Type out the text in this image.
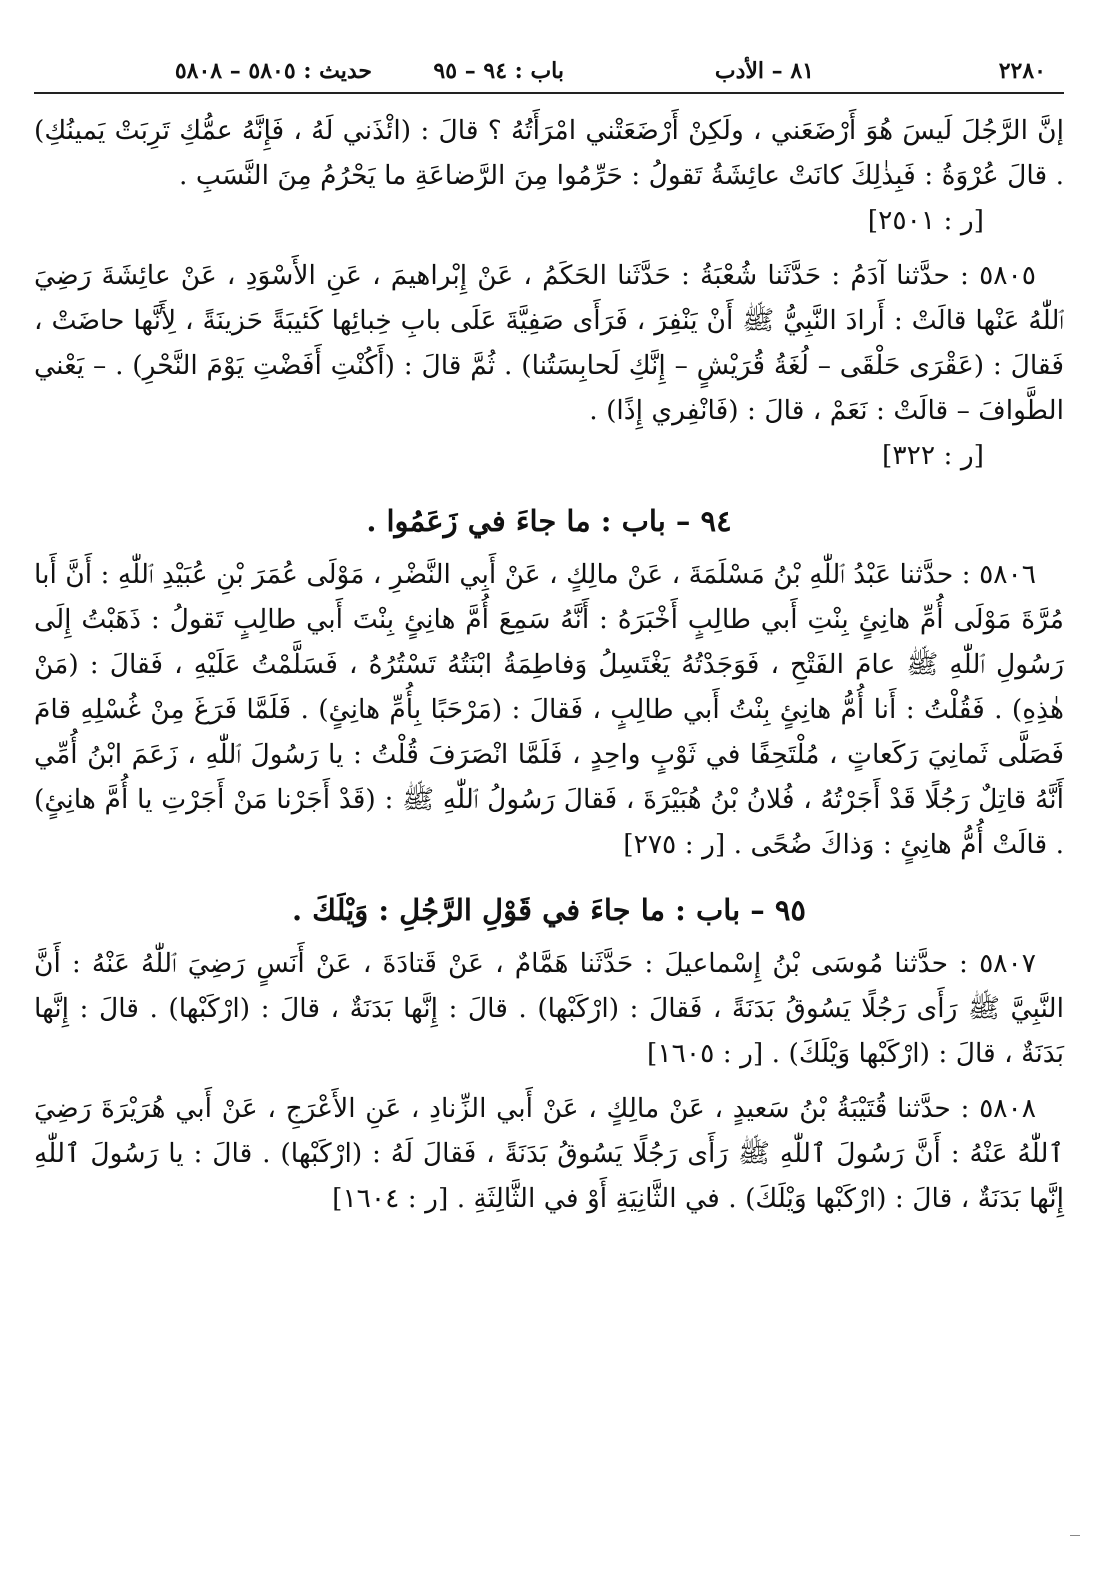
٢٢٨٠
٨١ – الأدب
باب : ٩٤ – ٩٥
حديث : ٥٨٠٥ – ٥٨٠٨

إنَّ الرَّجُلَ لَيسَ هُوَ أَرْضَعَني ، ولَكِنْ أَرْضَعَتْني امْرَأَتُهُ ؟ قالَ : (ائْذَني لَهُ ، فَإِنَّهُ عمُّكِ تَرِبَتْ يَمينُكِ) . قالَ عُرْوَةُ : فَبِذٰلِكَ كانَتْ عائِشَةُ تَقولُ : حَرِّمُوا مِنَ الرَّضاعَةِ ما يَحْرُمُ مِنَ النَّسَبِ .

[ر : ٢٥٠١]

٥٨٠٥ : حدَّثنا آدَمُ : حَدَّثَنا شُعْبَةُ : حَدَّثَنا الحَكَمُ ، عَنْ إِبْراهيمَ ، عَنِ الأَسْوَدِ ، عَنْ عائِشَةَ رَضِيَ ٱللّٰهُ عَنْها قالَتْ : أَرادَ النَّبِيُّ ﷺ أَنْ يَنْفِرَ ، فَرَأَى صَفِيَّةَ عَلَى بابِ خِبائِها كَئيبَةً حَزينَةً ، لِأَنَّها حاضَتْ ، فَقالَ : (عَقْرَى حَلْقَى – لُغَةُ قُرَيْشٍ – إِنَّكِ لَحابِسَتُنا) . ثُمَّ قالَ : (أَكُنْتِ أَفَضْتِ يَوْمَ النَّحْرِ) . – يَعْني الطَّوافَ – قالَتْ : نَعَمْ ، قالَ : (فَانْفِري إِذًا) .

[ر : ٣٢٢]

٩٤ – باب : ما جاءَ في زَعَمُوا .

٥٨٠٦ : حدَّثنا عَبْدُ ٱللّٰهِ بْنُ مَسْلَمَةَ ، عَنْ مالِكٍ ، عَنْ أَبِي النَّضْرِ ، مَوْلَى عُمَرَ بْنِ عُبَيْدِ ٱللّٰهِ : أَنَّ أَبا مُرَّةَ مَوْلَى أُمِّ هانِئٍ بِنْتِ أَبي طالِبٍ أَخْبَرَهُ : أَنَّهُ سَمِعَ أُمَّ هانِئٍ بِنْتَ أَبي طالِبٍ تَقولُ : ذَهَبْتُ إِلَى رَسُولِ ٱللّٰهِ ﷺ عامَ الفَتْحِ ، فَوَجَدْتُهُ يَغْتَسِلُ وَفاطِمَةُ ابْنَتُهُ تَسْتُرُهُ ، فَسَلَّمْتُ عَلَيْهِ ، فَقالَ : (مَنْ هٰذِهِ) . فَقُلْتُ : أَنا أُمُّ هانِئٍ بِنْتُ أَبي طالِبٍ ، فَقالَ : (مَرْحَبًا بِأُمِّ هانِئٍ) . فَلَمَّا فَرَغَ مِنْ غُسْلِهِ قامَ فَصَلَّى ثَمانِيَ رَكَعاتٍ ، مُلْتَحِفًا في ثَوْبٍ واحِدٍ ، فَلَمَّا انْصَرَفَ قُلْتُ : يا رَسُولَ ٱللّٰهِ ، زَعَمَ ابْنُ أُمِّي أَنَّهُ قاتِلٌ رَجُلًا قَدْ أَجَرْتُهُ ، فُلانُ بْنُ هُبَيْرَةَ ، فَقالَ رَسُولُ ٱللّٰهِ ﷺ : (قَدْ أَجَرْنا مَنْ أَجَرْتِ يا أُمَّ هانِئٍ) . قالَتْ أُمُّ هانِئٍ : وَذاكَ ضُحًى . [ر : ٢٧٥]

٩٥ – باب : ما جاءَ في قَوْلِ الرَّجُلِ : وَيْلَكَ .

٥٨٠٧ : حدَّثنا مُوسَى بْنُ إِسْماعيلَ : حَدَّثَنا هَمَّامٌ ، عَنْ قَتادَةَ ، عَنْ أَنَسٍ رَضِيَ ٱللّٰهُ عَنْهُ : أَنَّ النَّبِيَّ ﷺ رَأَى رَجُلًا يَسُوقُ بَدَنَةً ، فَقالَ : (ارْكَبْها) . قالَ : إِنَّها بَدَنَةٌ ، قالَ : (ارْكَبْها) . قالَ : إِنَّها بَدَنَةٌ ، قالَ : (ارْكَبْها وَيْلَكَ) . [ر : ١٦٠٥]

٥٨٠٨ : حدَّثنا قُتَيْبَةُ بْنُ سَعيدٍ ، عَنْ مالِكٍ ، عَنْ أَبي الزِّنادِ ، عَنِ الأَعْرَجِ ، عَنْ أَبي هُرَيْرَةَ رَضِيَ ٱللّٰهُ عَنْهُ : أَنَّ رَسُولَ ٱللّٰهِ ﷺ رَأَى رَجُلًا يَسُوقُ بَدَنَةً ، فَقالَ لَهُ : (ارْكَبْها) . قالَ : يا رَسُولَ ٱللّٰهِ إِنَّها بَدَنَةٌ ، قالَ : (ارْكَبْها وَيْلَكَ) . في الثَّانِيَةِ أَوْ في الثَّالِثَةِ . [ر : ١٦٠٤]
